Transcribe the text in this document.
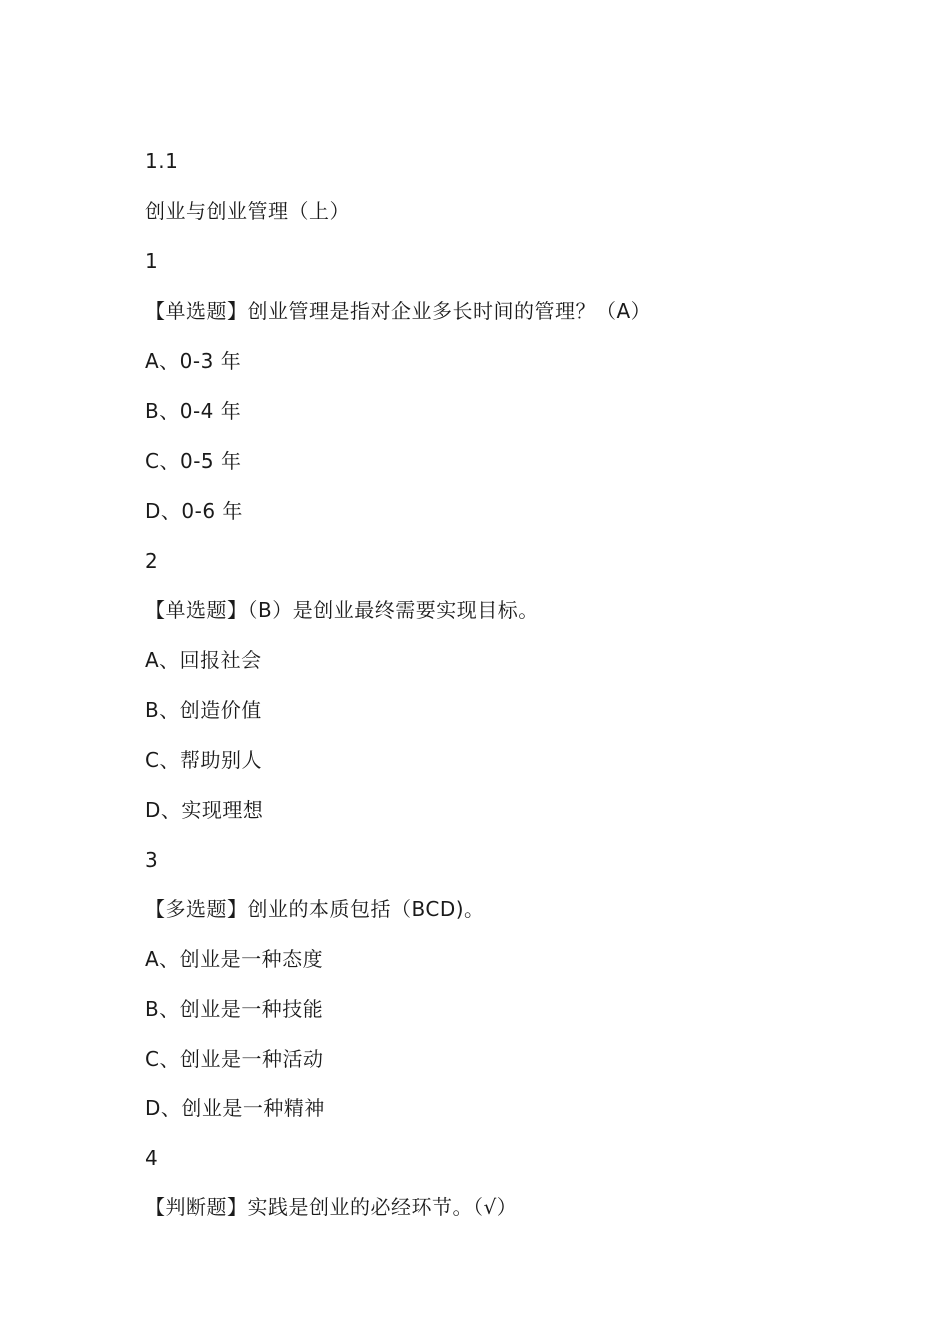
1.1
创业与创业管理（上）
1
【单选题】创业管理是指对企业多长时间的管理？（A）
A、0-3 年
B、0-4 年
C、0-5 年
D、0-6 年
2
【单选题】（B）是创业最终需要实现目标。
A、回报社会
B、创造价值
C、帮助别人
D、实现理想
3
【多选题】创业的本质包括（BCD)。
A、创业是一种态度
B、创业是一种技能
C、创业是一种活动
D、创业是一种精神
4
【判断题】实践是创业的必经环节。（√）
